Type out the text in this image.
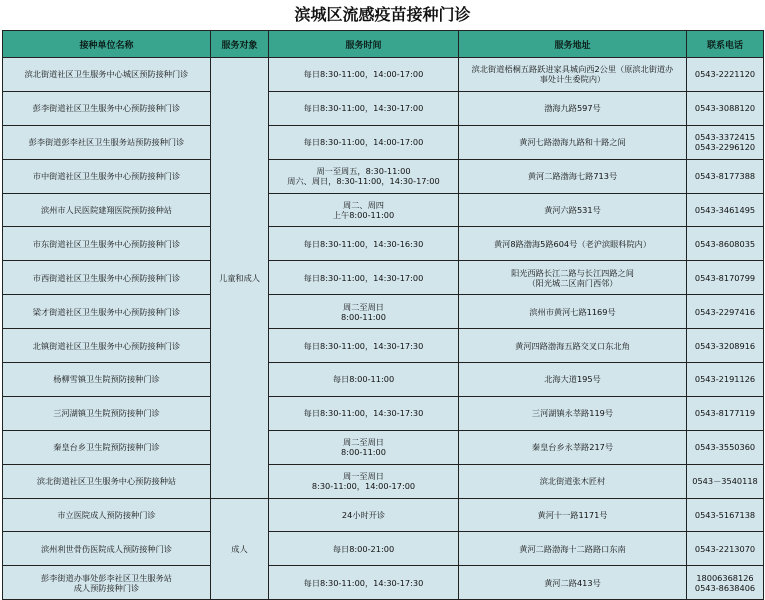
滨城区流感疫苗接种门诊
接种单位名称	服务对象	服务时间	服务地址	联系电话

滨北街道社区卫生服务中心城区预防接种门诊	儿童和成人	每日8:30-11:00，14:00-17:00	滨北街道梧桐五路跃进家具城向西2公里（原滨北街道办
事处计生委院内）	0543-2221120

彭李街道社区卫生服务中心预防接种门诊		每日8:30-11:00，14:30-17:00	渤海九路597号	0543-3088120

彭李街道彭李社区卫生服务站预防接种门诊		每日8:30-11:00，14:00-17:00	黄河七路渤海九路和十路之间	0543-3372415
0543-2296120

市中街道社区卫生服务中心预防接种门诊		周一至周五，8:30-11:00
周六、周日，8:30-11:00，14:30-17:00	黄河二路渤海七路713号	0543-8177388

滨州市人民医院建翔医院预防接种站		周二、周四
上午8:00-11:00	黄河六路531号	0543-3461495

市东街道社区卫生服务中心预防接种门诊		每日8:30-11:00，14:30-16:30	黄河8路渤海5路604号（老沪滨眼科院内）	0543-8608035

市西街道社区卫生服务中心预防接种门诊		每日8:30-11:00，14:30-17:00	阳光西路长江二路与长江四路之间
（阳光城二区南门西邻）	0543-8170799

梁才街道社区卫生服务中心预防接种门诊		周二至周日
8:00-11:00	滨州市黄河七路1169号	0543-2297416

北镇街道社区卫生服务中心预防接种门诊		每日8:30-11:00，14:30-17:30	黄河四路渤海五路交叉口东北角	0543-3208916

杨柳雪镇卫生院预防接种门诊		每日8:00-11:00	北海大道195号	0543-2191126

三河湖镇卫生院预防接种门诊		每日8:30-11:00，14:30-17:30	三河湖镇永莘路119号	0543-8177119

秦皇台乡卫生院预防接种门诊		周二至周日
8:00-11:00	秦皇台乡永莘路217号	0543-3550360

滨北街道社区卫生服务中心预防接种站		周一至周日
8:30-11:00，14:00-17:00	滨北街道张木匠村	0543－3540118

市立医院成人预防接种门诊	成人	24小时开诊	黄河十一路1171号	0543-5167138

滨州利世骨伤医院成人预防接种门诊		每日8:00-21:00	黄河二路渤海十二路路口东南	0543-2213070

彭李街道办事处彭李社区卫生服务站
成人预防接种门诊		每日8:30-11:00，14:30-17:30	黄河二路413号	18006368126
0543-8638406
